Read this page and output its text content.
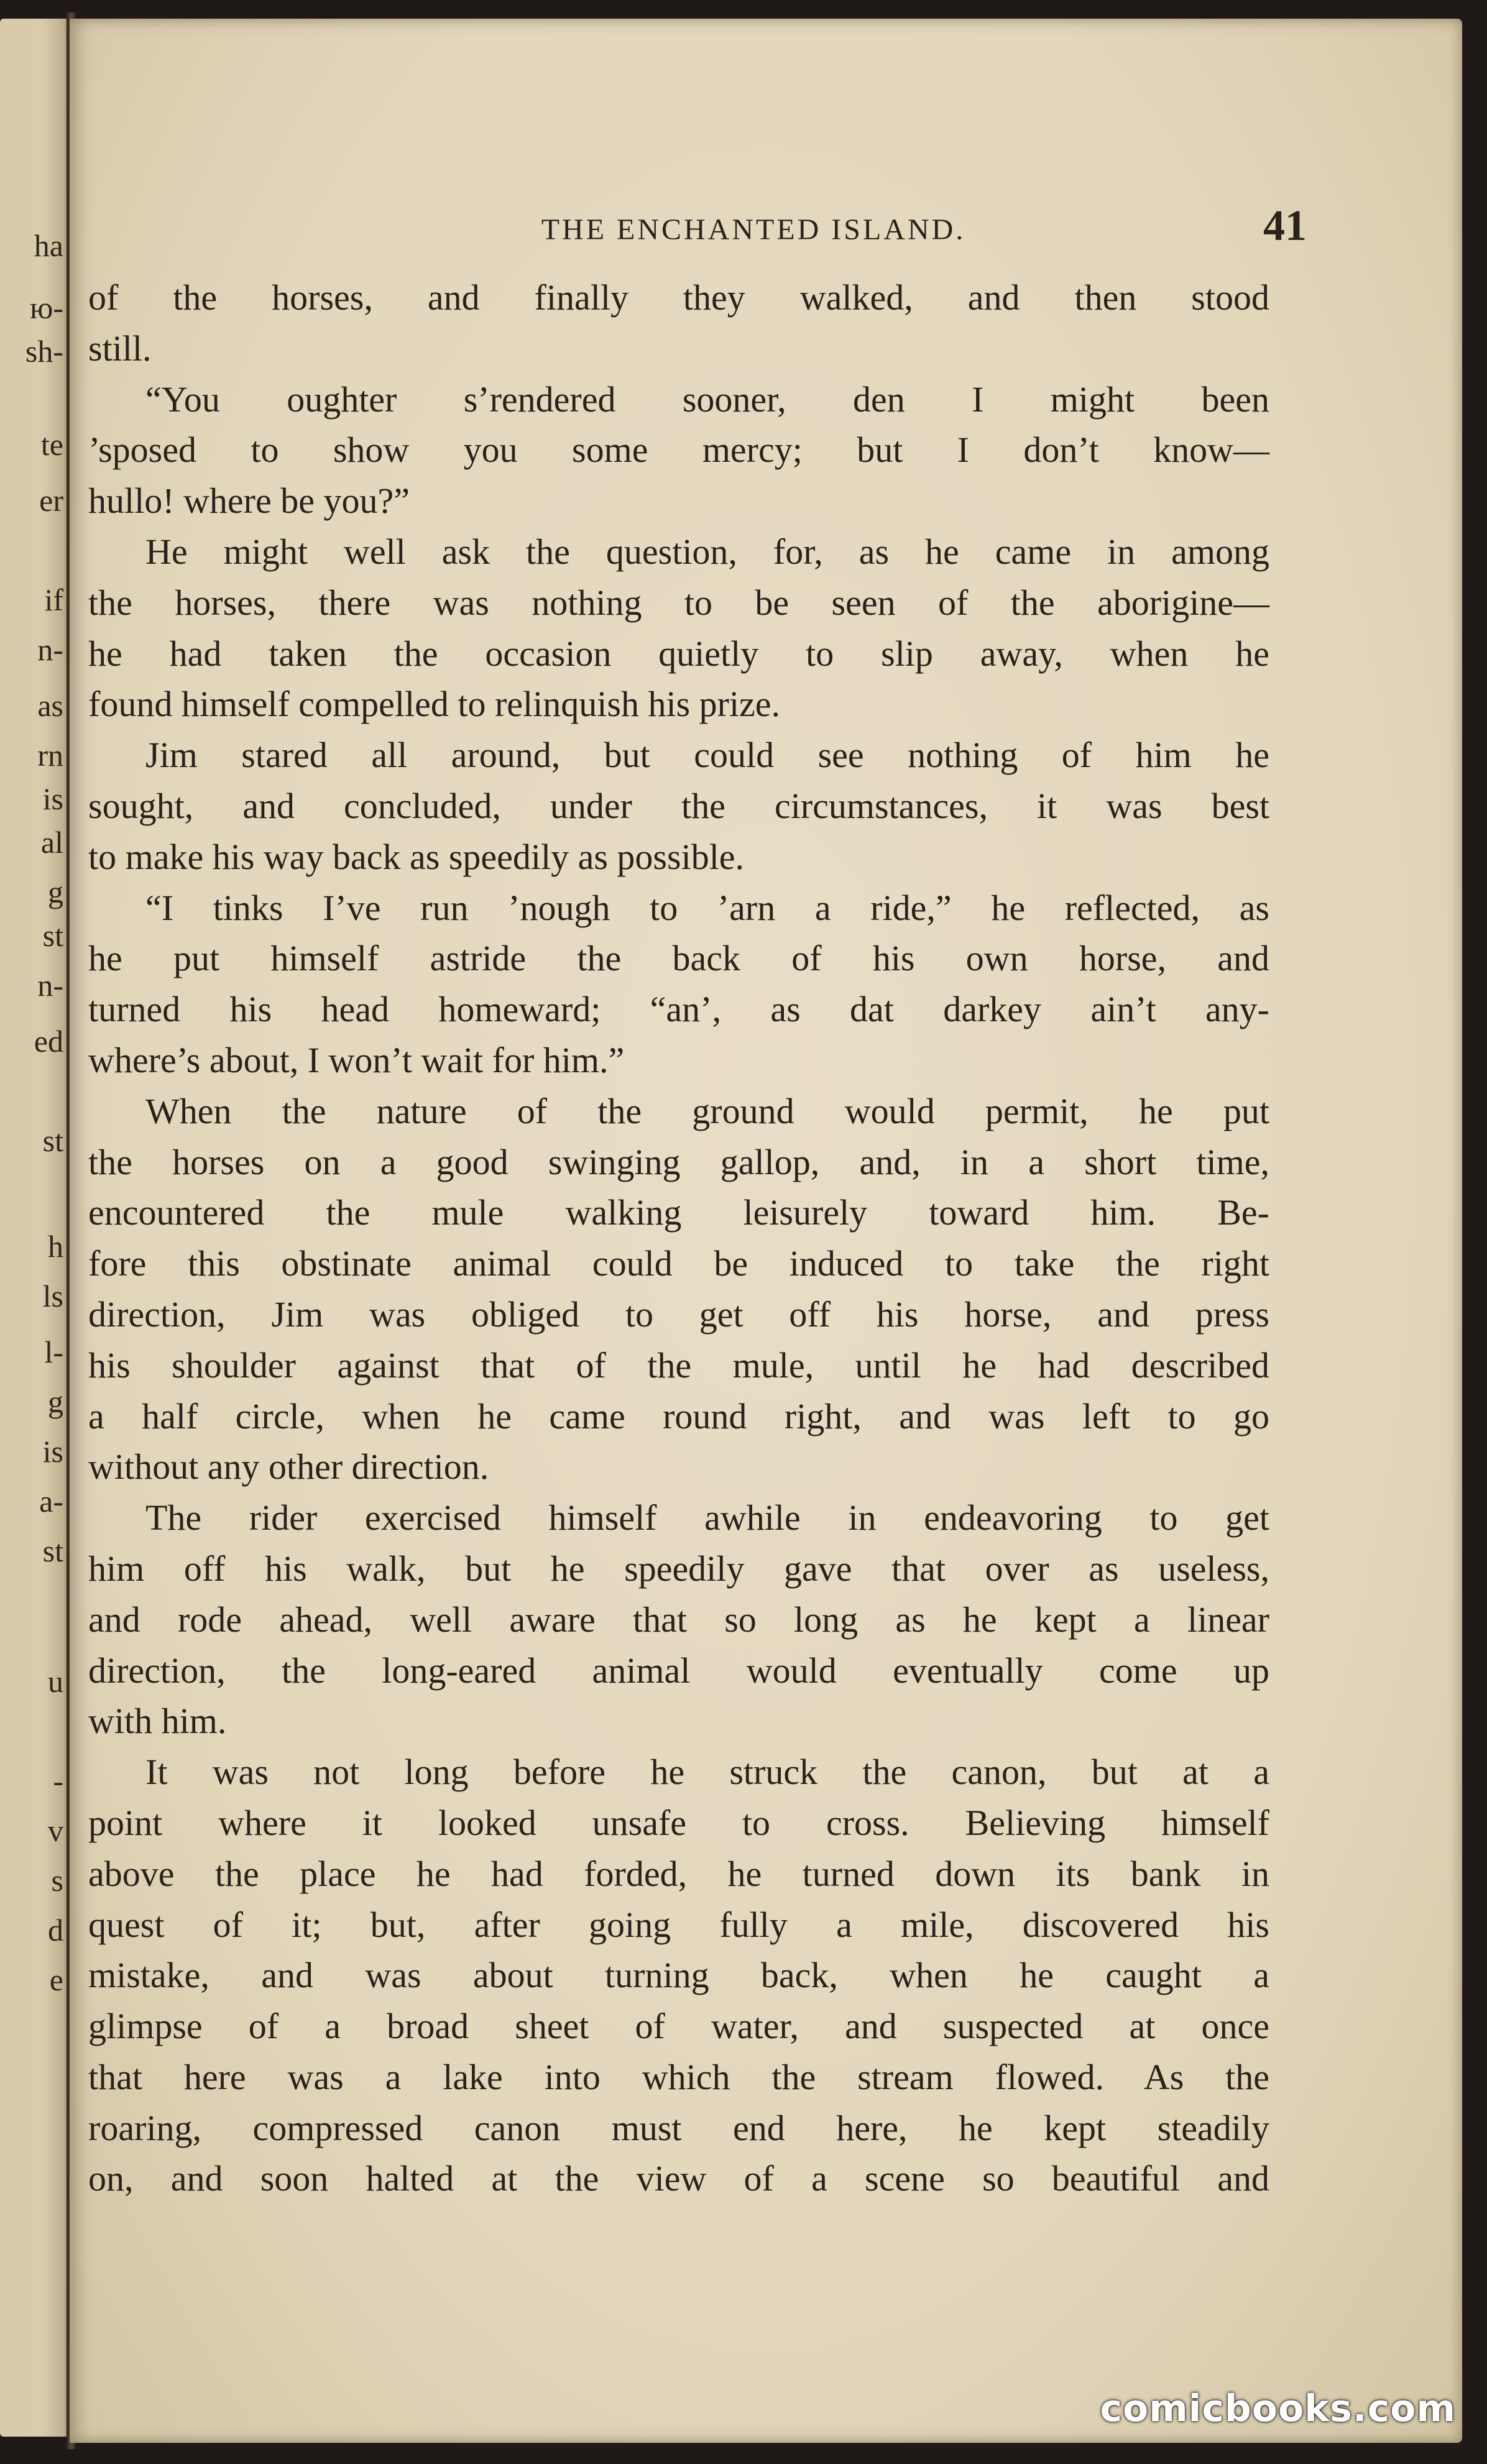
ha
ю-
sh-
te
er
if
n-
as
rn
is
al
g
st
n-
ed
st
h
ls
l-
g
is
a-
st
u
-
v
s
d
e
THE ENCHANTED ISLAND.	41
of the horses, and finally they walked, and then stood
still.
“You oughter s’rendered sooner, den I might been
’sposed to show you some mercy; but I don’t know—
hullo! where be you?”
He might well ask the question, for, as he came in among
the horses, there was nothing to be seen of the aborigine—
he had taken the occasion quietly to slip away, when he
found himself compelled to relinquish his prize.
Jim stared all around, but could see nothing of him he
sought, and concluded, under the circumstances, it was best
to make his way back as speedily as possible.
“I tinks I’ve run ’nough to ’arn a ride,” he reflected, as
he put himself astride the back of his own horse, and
turned his head homeward; “an’, as dat darkey ain’t any-
where’s about, I won’t wait for him.”
When the nature of the ground would permit, he put
the horses on a good swinging gallop, and, in a short time,
encountered the mule walking leisurely toward him. Be-
fore this obstinate animal could be induced to take the right
direction, Jim was obliged to get off his horse, and press
his shoulder against that of the mule, until he had described
a half circle, when he came round right, and was left to go
without any other direction.
The rider exercised himself awhile in endeavoring to get
him off his walk, but he speedily gave that over as useless,
and rode ahead, well aware that so long as he kept a linear
direction, the long-eared animal would eventually come up
with him.
It was not long before he struck the canon, but at a
point where it looked unsafe to cross. Believing himself
above the place he had forded, he turned down its bank in
quest of it; but, after going fully a mile, discovered his
mistake, and was about turning back, when he caught a
glimpse of a broad sheet of water, and suspected at once
that here was a lake into which the stream flowed. As the
roaring, compressed canon must end here, he kept steadily
on, and soon halted at the view of a scene so beautiful and
comicbooks.com
